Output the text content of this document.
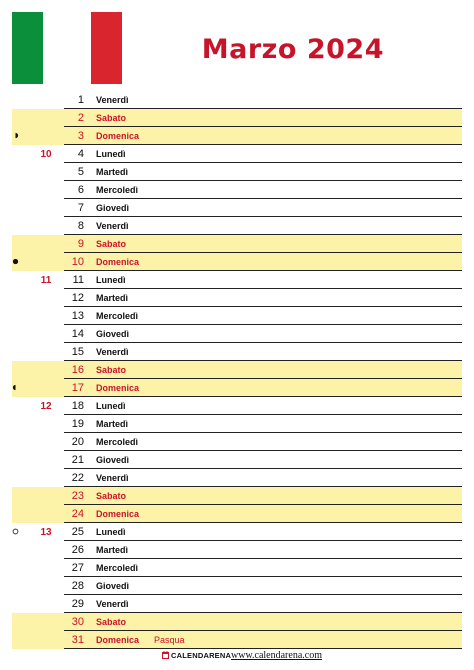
Marzo 2024
1 Venerdì
2 Sabato
3 Domenica
4 Lunedì
10
5 Martedì
6 Mercoledì
7 Giovedì
8 Venerdì
9 Sabato
10 Domenica
11 Lunedì
11
12 Martedì
13 Mercoledì
14 Giovedì
15 Venerdì
16 Sabato
17 Domenica
18 Lunedì
12
19 Martedì
20 Mercoledì
21 Giovedì
22 Venerdì
23 Sabato
24 Domenica
25 Lunedì
13
26 Martedì
27 Mercoledì
28 Giovedì
29 Venerdì
30 Sabato
31 Domenica Pasqua
CALENDARENA www.calendarena.com
